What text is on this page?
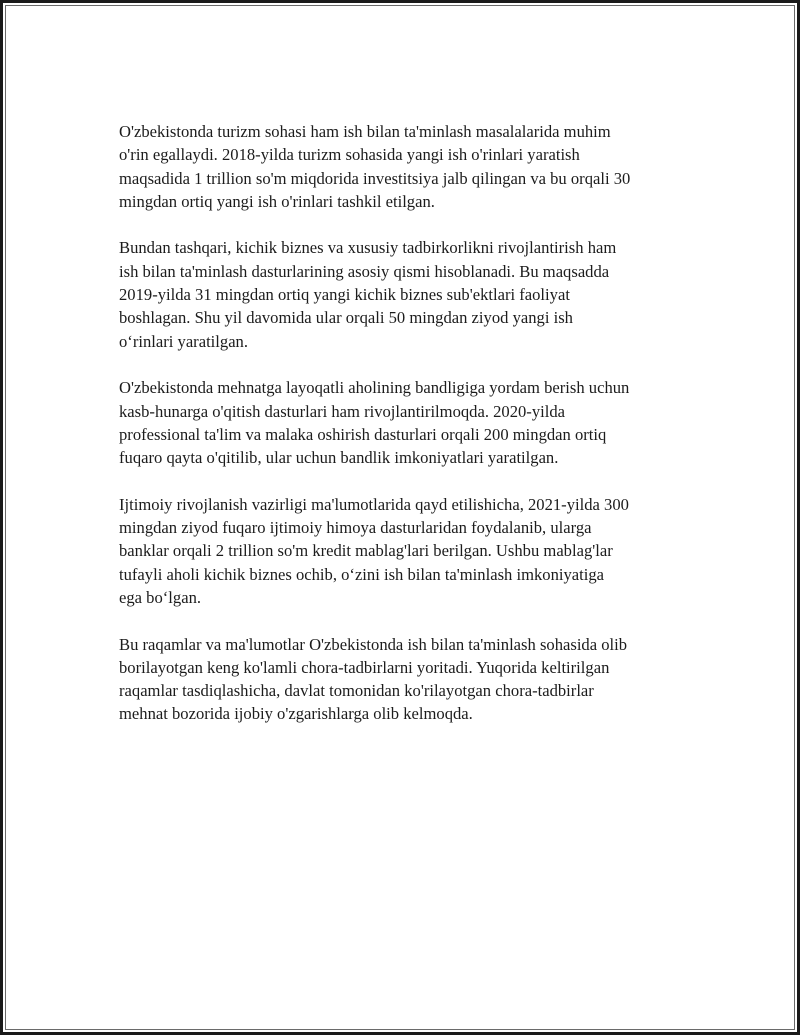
O'zbekistonda turizm sohasi ham ish bilan ta'minlash masalalarida muhim
o'rin egallaydi. 2018-yilda turizm sohasida yangi ish o'rinlari yaratish
maqsadida 1 trillion so'm miqdorida investitsiya jalb qilingan va bu orqali 30
mingdan ortiq yangi ish o'rinlari tashkil etilgan.

Bundan tashqari, kichik biznes va xususiy tadbirkorlikni rivojlantirish ham
ish bilan ta'minlash dasturlarining asosiy qismi hisoblanadi. Bu maqsadda
2019-yilda 31 mingdan ortiq yangi kichik biznes sub'ektlari faoliyat
boshlagan. Shu yil davomida ular orqali 50 mingdan ziyod yangi ish
o‘rinlari yaratilgan.

O'zbekistonda mehnatga layoqatli aholining bandligiga yordam berish uchun
kasb-hunarga o'qitish dasturlari ham rivojlantirilmoqda. 2020-yilda
professional ta'lim va malaka oshirish dasturlari orqali 200 mingdan ortiq
fuqaro qayta o'qitilib, ular uchun bandlik imkoniyatlari yaratilgan.

Ijtimoiy rivojlanish vazirligi ma'lumotlarida qayd etilishicha, 2021-yilda 300
mingdan ziyod fuqaro ijtimoiy himoya dasturlaridan foydalanib, ularga
banklar orqali 2 trillion so'm kredit mablag'lari berilgan. Ushbu mablag'lar
tufayli aholi kichik biznes ochib, o‘zini ish bilan ta'minlash imkoniyatiga
ega bo‘lgan.

Bu raqamlar va ma'lumotlar O'zbekistonda ish bilan ta'minlash sohasida olib
borilayotgan keng ko'lamli chora-tadbirlarni yoritadi. Yuqorida keltirilgan
raqamlar tasdiqlashicha, davlat tomonidan ko'rilayotgan chora-tadbirlar
mehnat bozorida ijobiy o'zgarishlarga olib kelmoqda.
